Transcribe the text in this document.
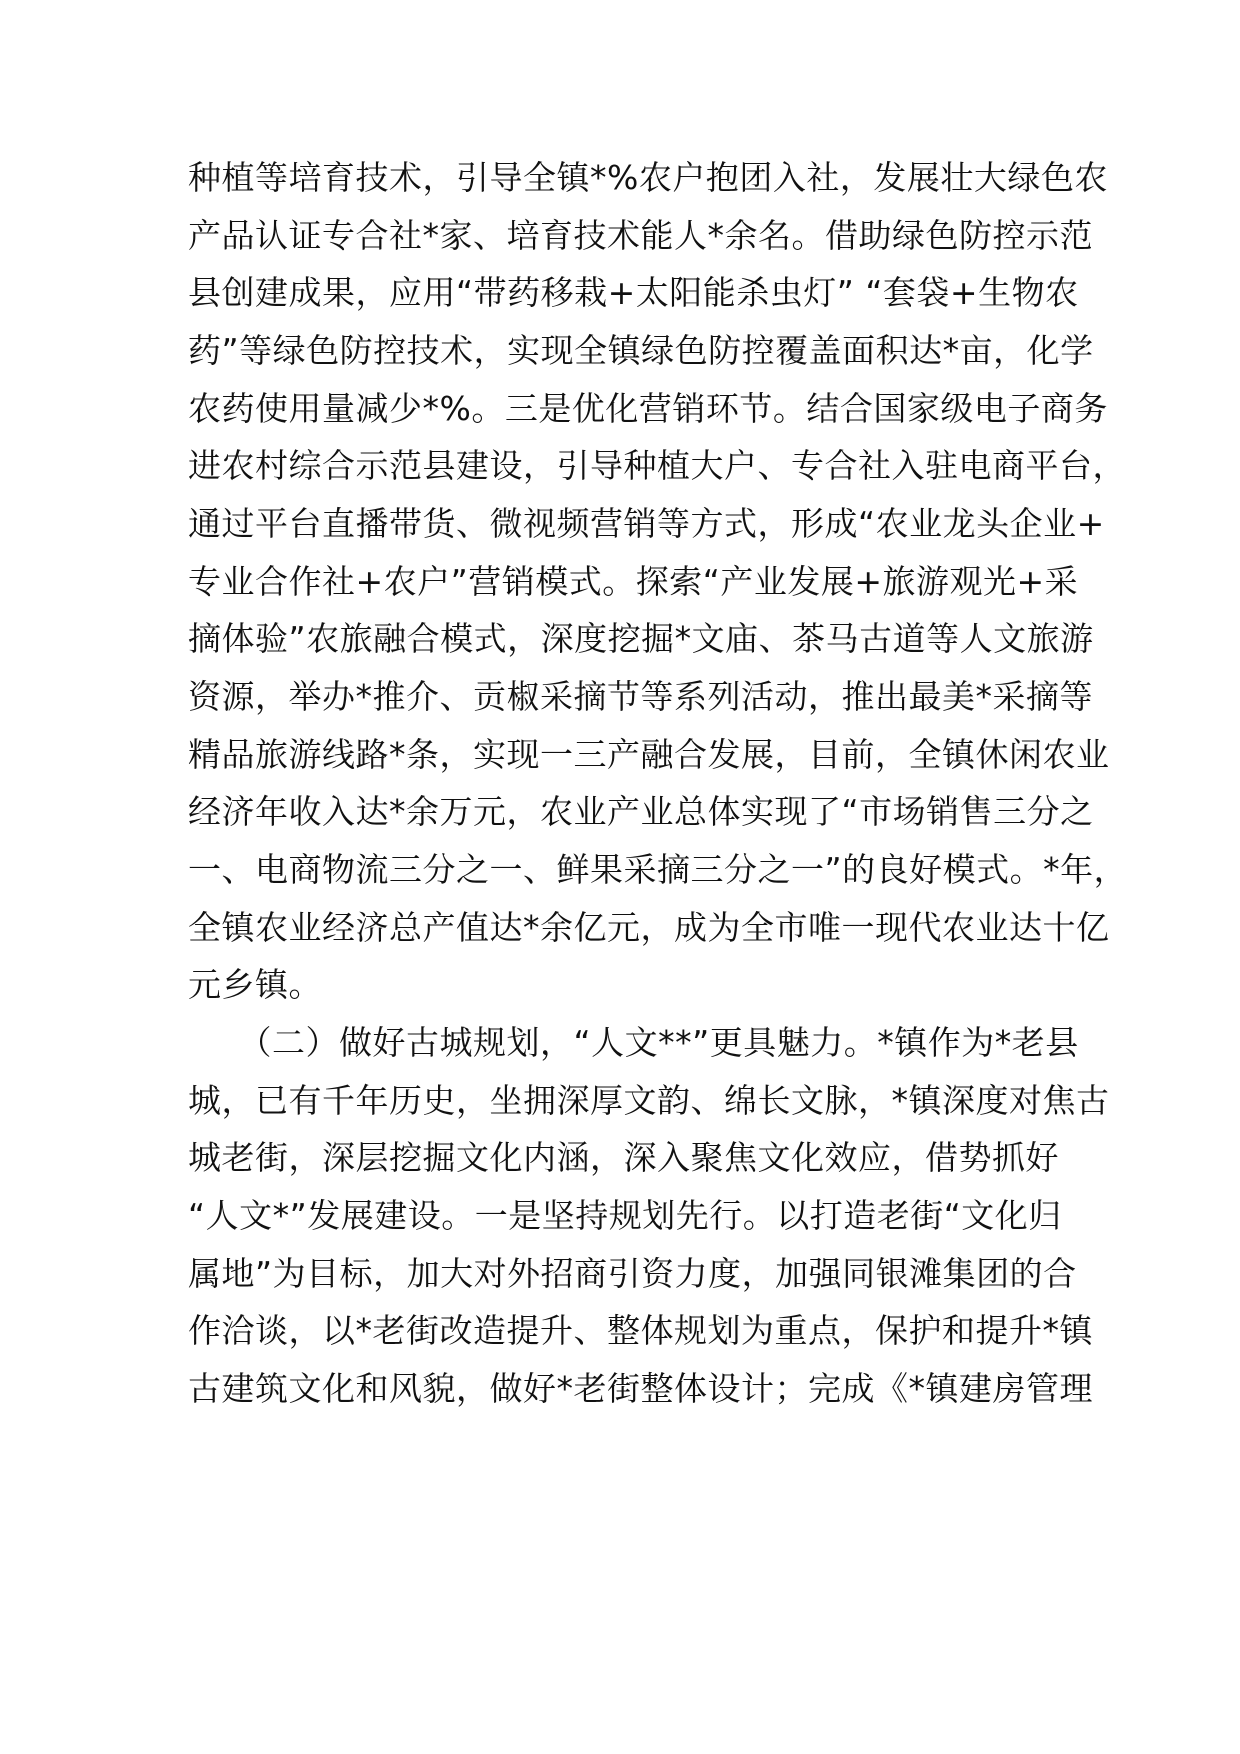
种植等培育技术，引导全镇*%农户抱团入社，发展壮大绿色农
产品认证专合社*家、培育技术能人*余名。借助绿色防控示范
县创建成果，应用“带药移栽+太阳能杀虫灯” “套袋+生物农
药”等绿色防控技术，实现全镇绿色防控覆盖面积达*亩，化学
农药使用量减少*%。三是优化营销环节。结合国家级电子商务
进农村综合示范县建设，引导种植大户、专合社入驻电商平台，
通过平台直播带货、微视频营销等方式，形成“农业龙头企业+
专业合作社+农户”营销模式。探索“产业发展+旅游观光+采
摘体验”农旅融合模式，深度挖掘*文庙、茶马古道等人文旅游
资源，举办*推介、贡椒采摘节等系列活动，推出最美*采摘等
精品旅游线路*条，实现一三产融合发展，目前，全镇休闲农业
经济年收入达*余万元，农业产业总体实现了“市场销售三分之
一、电商物流三分之一、鲜果采摘三分之一”的良好模式。*年，
全镇农业经济总产值达*余亿元，成为全市唯一现代农业达十亿
元乡镇。
　　（二）做好古城规划，“人文**”更具魅力。*镇作为*老县
城，已有千年历史，坐拥深厚文韵、绵长文脉，*镇深度对焦古
城老街，深层挖掘文化内涵，深入聚焦文化效应，借势抓好
“人文*”发展建设。一是坚持规划先行。以打造老街“文化归
属地”为目标，加大对外招商引资力度，加强同银滩集团的合
作洽谈，以*老街改造提升、整体规划为重点，保护和提升*镇
古建筑文化和风貌，做好*老街整体设计；完成《*镇建房管理
